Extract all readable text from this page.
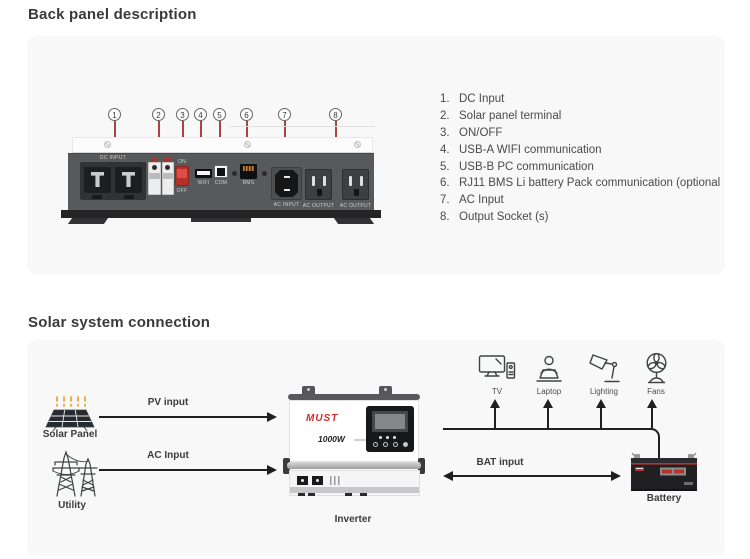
Back panel description
1	2	3	4	5	6	7	8
DC INPUT
ON
OFF
WIFI	COM	BMS
AC INPUT AC OUTPUT	AC OUTPUT
1. DC Input
2. Solar panel terminal
3. ON/OFF
4. USB-A WIFI communication
5. USB-B PC communication
6. RJ11 BMS Li battery Pack communication (optional
7. AC Input
8. Output Socket (s)
Solar system connection
Solar Panel
Utility
PV input
AC Input
MUST
1000W
Inverter
TV	Laptop	Lighting	Fans
BAT input
Battery
